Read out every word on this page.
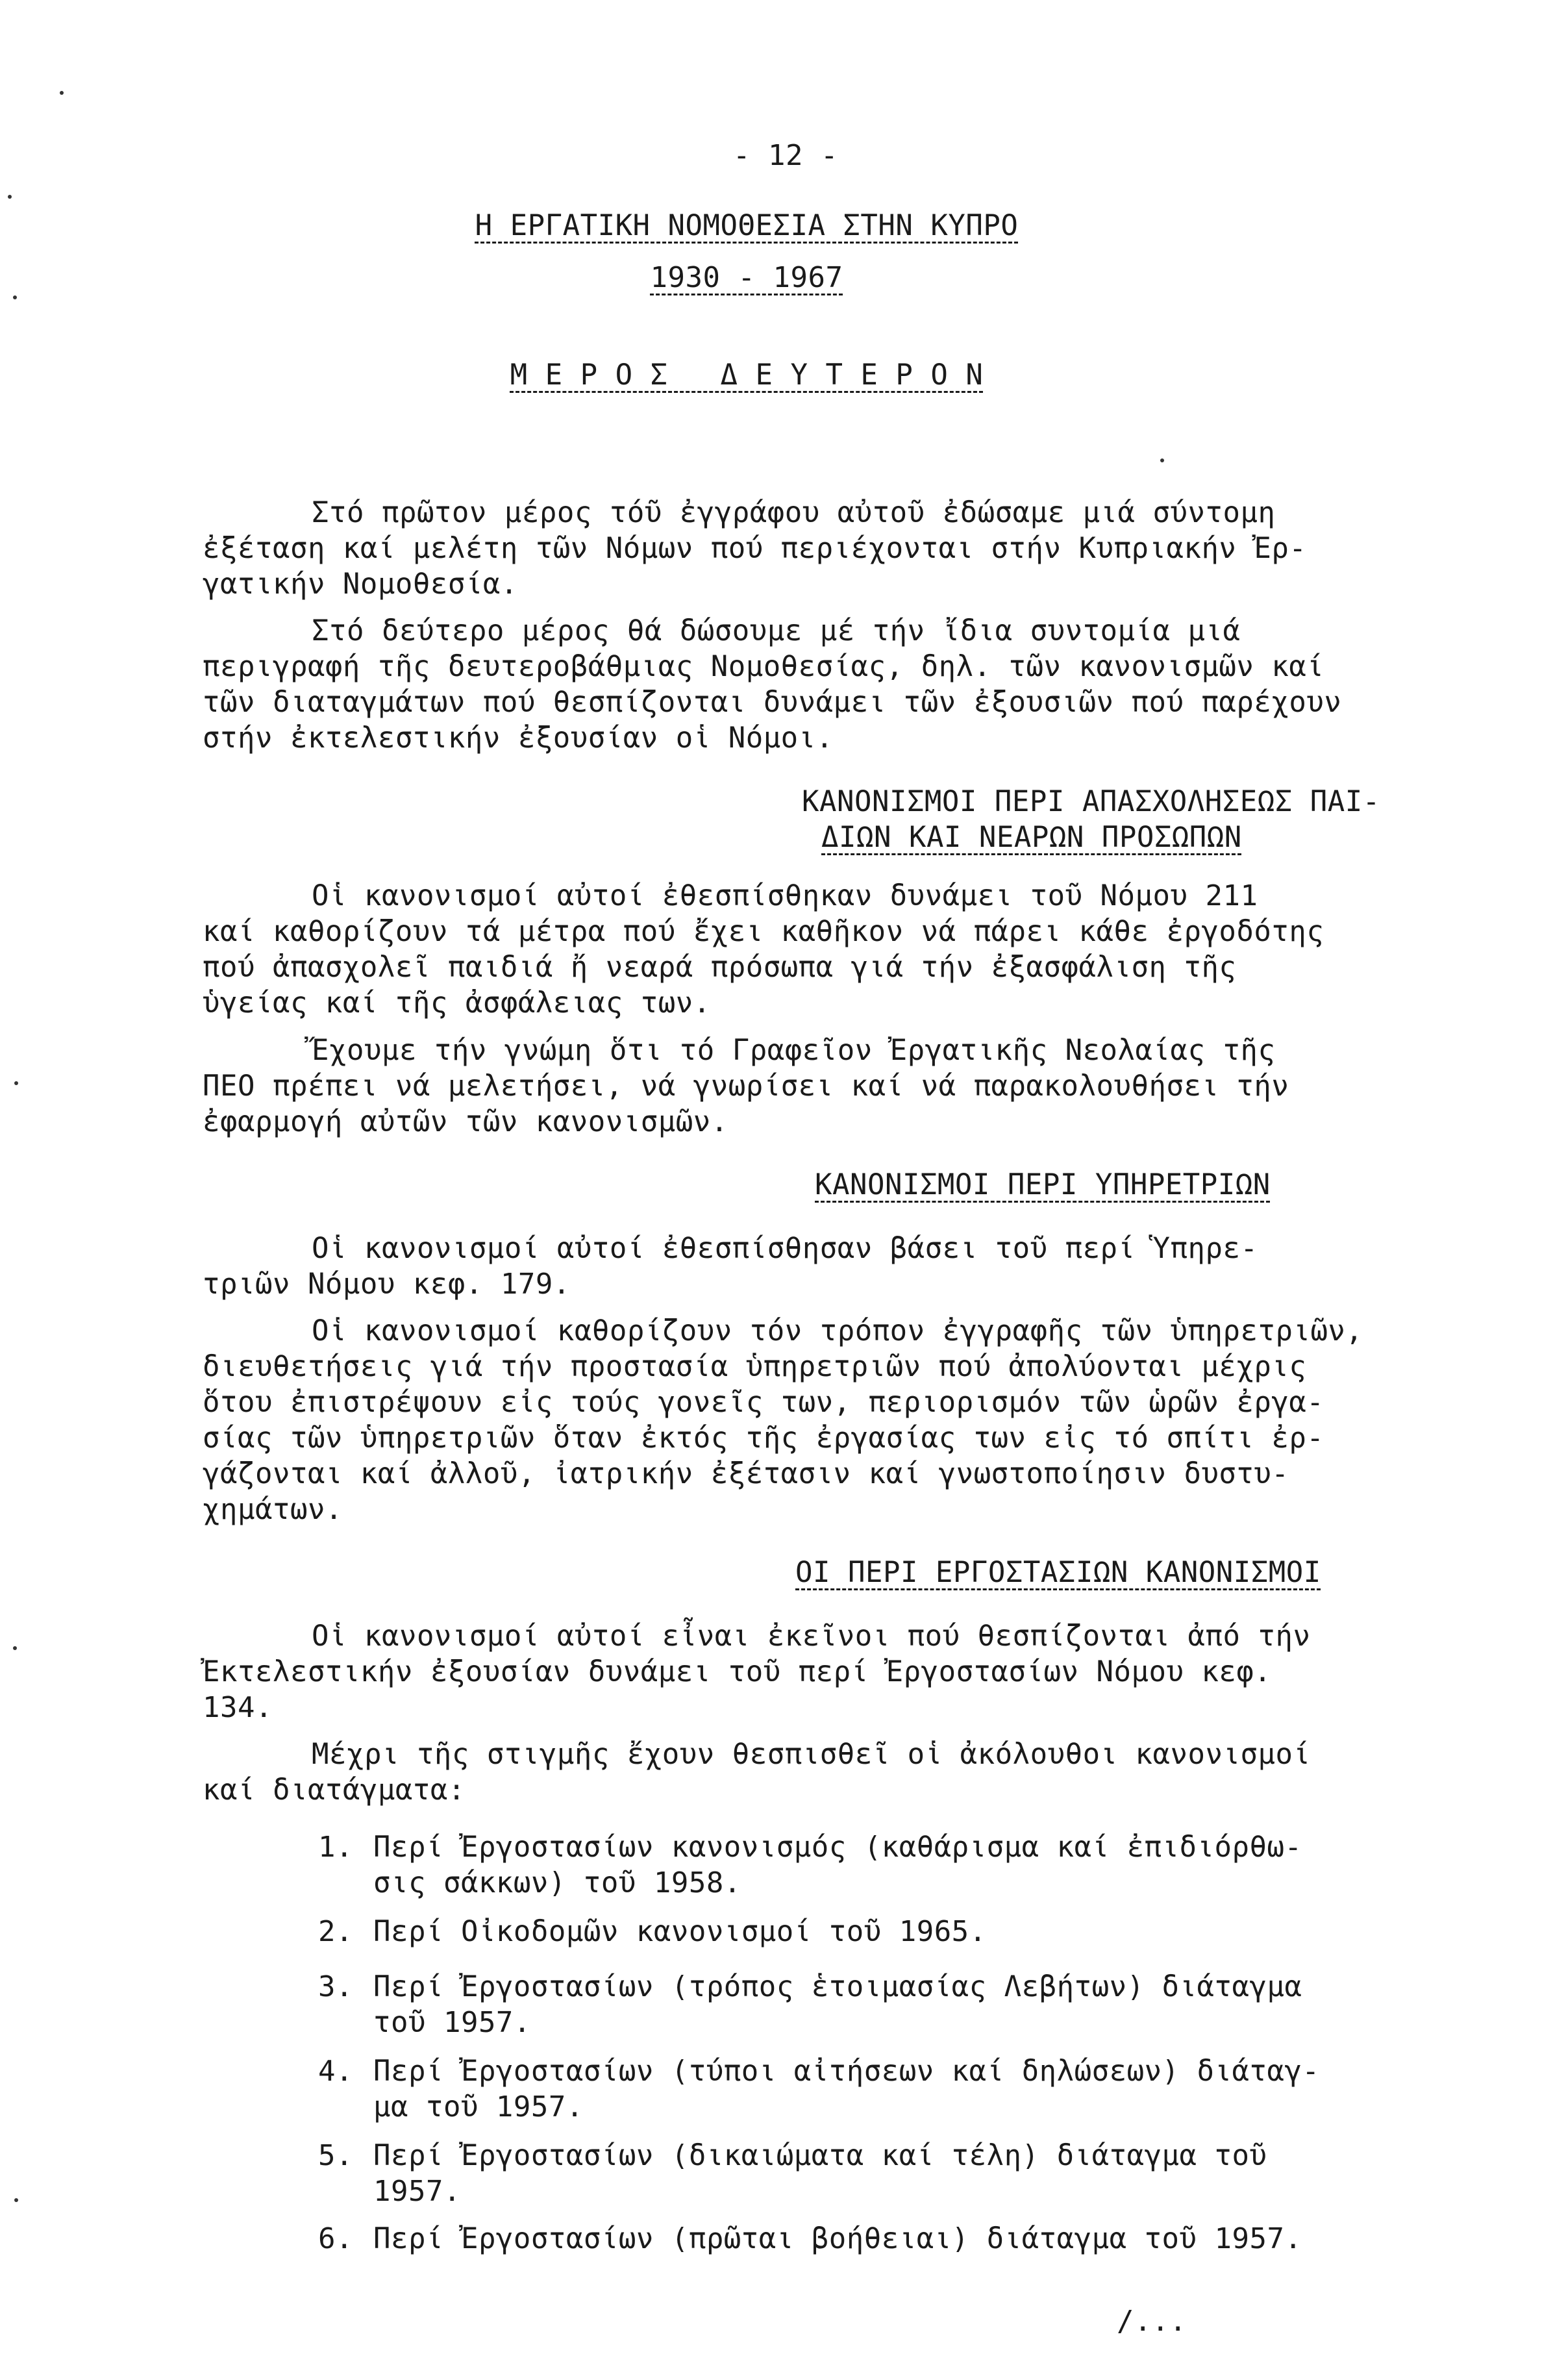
- 12 -
Η ΕΡΓΑΤΙΚΗ ΝΟΜΟΘΕΣΙΑ ΣΤΗΝ ΚΥΠΡΟ
1930 - 1967
Μ Ε Ρ Ο Σ   Δ Ε Υ Τ Ε Ρ Ο Ν
Στό πρῶτον μέρος τόῦ ἐγγράφου αὐτοῦ ἐδώσαμε μιά σύντομη
ἐξέταση καί μελέτη τῶν Νόμων πού περιέχονται στήν Κυπριακήν Ἐρ-
γατικήν Νομοθεσία.
Στό δεύτερο μέρος θά δώσουμε μέ τήν ἴδια συντομία μιά
περιγραφή τῆς δευτεροβάθμιας Νομοθεσίας, δηλ. τῶν κανονισμῶν καί
τῶν διαταγμάτων πού θεσπίζονται δυνάμει τῶν ἐξουσιῶν πού παρέχουν
στήν ἐκτελεστικήν ἐξουσίαν οἱ Νόμοι.
ΚΑΝΟΝΙΣΜΟΙ ΠΕΡΙ ΑΠΑΣΧΟΛΗΣΕΩΣ ΠΑΙ-
ΔΙΩΝ ΚΑΙ ΝΕΑΡΩΝ ΠΡΟΣΩΠΩΝ
Οἱ κανονισμοί αὐτοί ἐθεσπίσθηκαν δυνάμει τοῦ Νόμου 211
καί καθορίζουν τά μέτρα πού ἔχει καθῆκον νά πάρει κάθε ἐργοδότης
πού ἀπασχολεῖ παιδιά ἤ νεαρά πρόσωπα γιά τήν ἐξασφάλιση τῆς
ὑγείας καί τῆς ἀσφάλειας των.
Ἔχουμε τήν γνώμη ὅτι τό Γραφεῖον Ἐργατικῆς Νεολαίας τῆς
ΠΕΟ πρέπει νά μελετήσει, νά γνωρίσει καί νά παρακολουθήσει τήν
ἐφαρμογή αὐτῶν τῶν κανονισμῶν.
ΚΑΝΟΝΙΣΜΟΙ ΠΕΡΙ ΥΠΗΡΕΤΡΙΩΝ
Οἱ κανονισμοί αὐτοί ἐθεσπίσθησαν βάσει τοῦ περί Ὑπηρε-
τριῶν Νόμου κεφ. 179.
Οἱ κανονισμοί καθορίζουν τόν τρόπον ἐγγραφῆς τῶν ὑπηρετριῶν,
διευθετήσεις γιά τήν προστασία ὑπηρετριῶν πού ἀπολύονται μέχρις
ὅτου ἐπιστρέψουν εἰς τούς γονεῖς των, περιορισμόν τῶν ὡρῶν ἐργα-
σίας τῶν ὑπηρετριῶν ὅταν ἐκτός τῆς ἐργασίας των εἰς τό σπίτι ἐρ-
γάζονται καί ἀλλοῦ, ἰατρικήν ἐξέτασιν καί γνωστοποίησιν δυστυ-
χημάτων.
ΟΙ ΠΕΡΙ ΕΡΓΟΣΤΑΣΙΩΝ ΚΑΝΟΝΙΣΜΟΙ
Οἱ κανονισμοί αὐτοί εἶναι ἐκεῖνοι πού θεσπίζονται ἀπό τήν
Ἐκτελεστικήν ἐξουσίαν δυνάμει τοῦ περί Ἐργοστασίων Νόμου κεφ.
134.
Μέχρι τῆς στιγμῆς ἔχουν θεσπισθεῖ οἱ ἀκόλουθοι κανονισμοί
καί διατάγματα:
1. Περί Ἐργοστασίων κανονισμός (καθάρισμα καί ἐπιδιόρθω-
σις σάκκων) τοῦ 1958.
2. Περί Οἰκοδομῶν κανονισμοί τοῦ 1965.
3. Περί Ἐργοστασίων (τρόπος ἑτοιμασίας Λεβήτων) διάταγμα
τοῦ 1957.
4. Περί Ἐργοστασίων (τύποι αἰτήσεων καί δηλώσεων) διάταγ-
μα τοῦ 1957.
5. Περί Ἐργοστασίων (δικαιώματα καί τέλη) διάταγμα τοῦ
1957.
6. Περί Ἐργοστασίων (πρῶται βοήθειαι) διάταγμα τοῦ 1957.
/...
